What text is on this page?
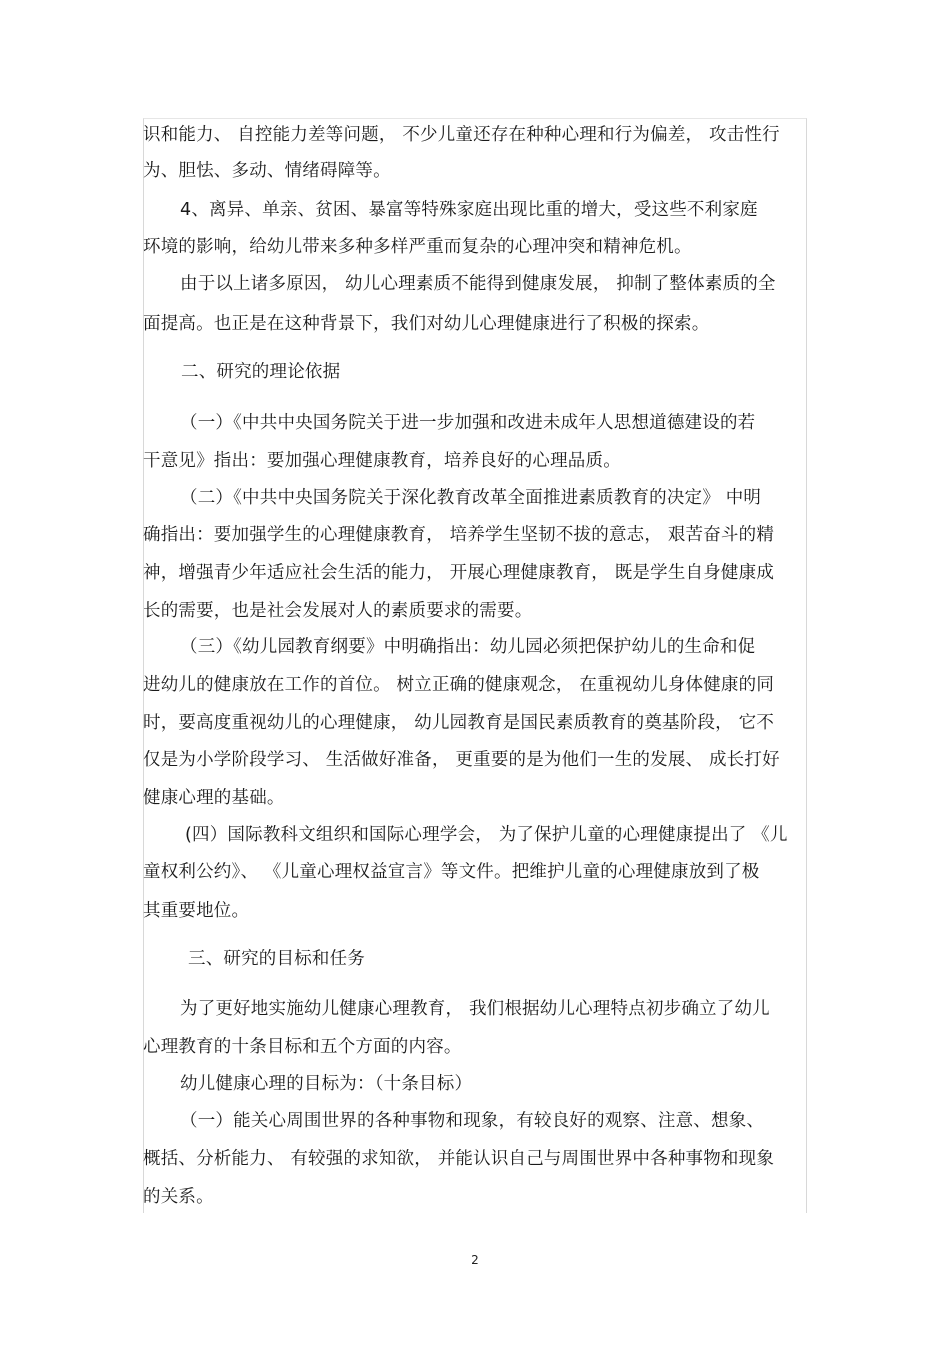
识和能力、 自控能力差等问题， 不少儿童还存在种种心理和行为偏差， 攻击性行
为、胆怯、多动、情绪碍障等。
4、离异、单亲、贫困、暴富等特殊家庭出现比重的增大，受这些不利家庭
环境的影响，给幼儿带来多种多样严重而复杂的心理冲突和精神危机。
由于以上诸多原因， 幼儿心理素质不能得到健康发展， 抑制了整体素质的全
面提高。也正是在这种背景下，我们对幼儿心理健康进行了积极的探索。
二、研究的理论依据
（一）《中共中央国务院关于进一步加强和改进未成年人思想道德建设的若
干意见》指出：要加强心理健康教育，培养良好的心理品质。
（二）《中共中央国务院关于深化教育改革全面推进素质教育的决定》 中明
确指出：要加强学生的心理健康教育， 培养学生坚韧不拔的意志， 艰苦奋斗的精
神，增强青少年适应社会生活的能力， 开展心理健康教育， 既是学生自身健康成
长的需要，也是社会发展对人的素质要求的需要。
（三）《幼儿园教育纲要》中明确指出：幼儿园必须把保护幼儿的生命和促
进幼儿的健康放在工作的首位。 树立正确的健康观念， 在重视幼儿身体健康的同
时，要高度重视幼儿的心理健康， 幼儿园教育是国民素质教育的奠基阶段， 它不
仅是为小学阶段学习、 生活做好准备， 更重要的是为他们一生的发展、 成长打好
健康心理的基础。
(四）国际教科文组织和国际心理学会， 为了保护儿童的心理健康提出了 《儿
童权利公约》、 《儿童心理权益宣言》等文件。把维护儿童的心理健康放到了极
其重要地位。
三、研究的目标和任务
为了更好地实施幼儿健康心理教育， 我们根据幼儿心理特点初步确立了幼儿
心理教育的十条目标和五个方面的内容。
幼儿健康心理的目标为：（十条目标）
（一）能关心周围世界的各种事物和现象，有较良好的观察、注意、想象、
概括、分析能力、 有较强的求知欲， 并能认识自己与周围世界中各种事物和现象
的关系。
2
